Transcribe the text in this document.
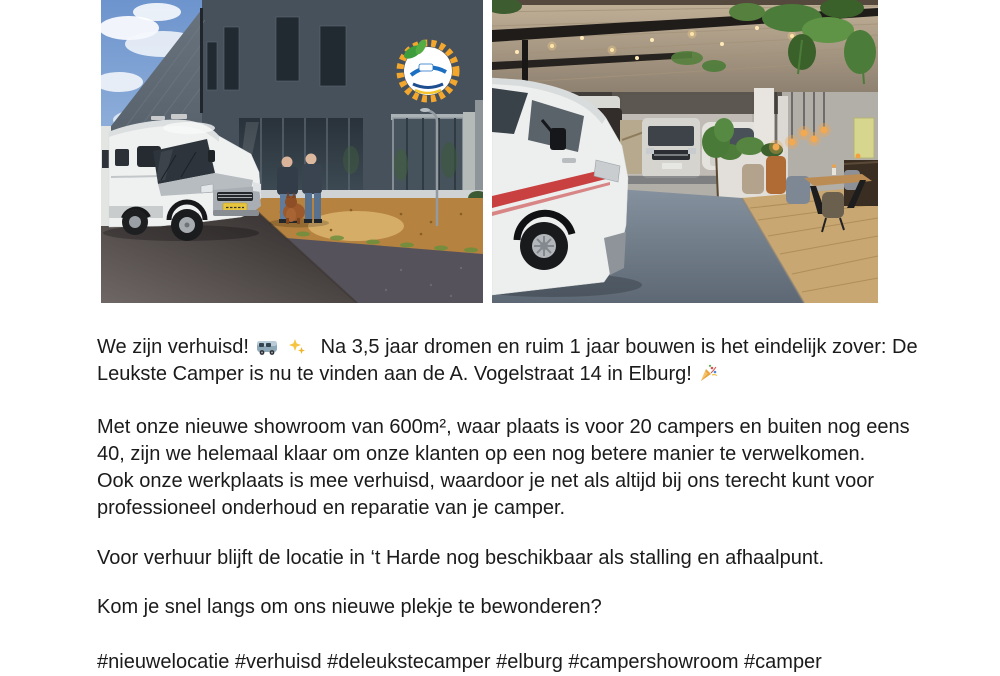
We zijn verhuisd!	Na 3,5 jaar dromen en ruim 1 jaar bouwen is het eindelijk zover: De
Leukste Camper is nu te vinden aan de A. Vogelstraat 14 in Elburg!

Met onze nieuwe showroom van 600m², waar plaats is voor 20 campers en buiten nog eens
40, zijn we helemaal klaar om onze klanten op een nog betere manier te verwelkomen.
Ook onze werkplaats is mee verhuisd, waardoor je net als altijd bij ons terecht kunt voor
professioneel onderhoud en reparatie van je camper.

Voor verhuur blijft de locatie in ‘t Harde nog beschikbaar als stalling en afhaalpunt.

Kom je snel langs om ons nieuwe plekje te bewonderen?

#nieuwelocatie #verhuisd #deleukstecamper #elburg #campershowroom #camper
